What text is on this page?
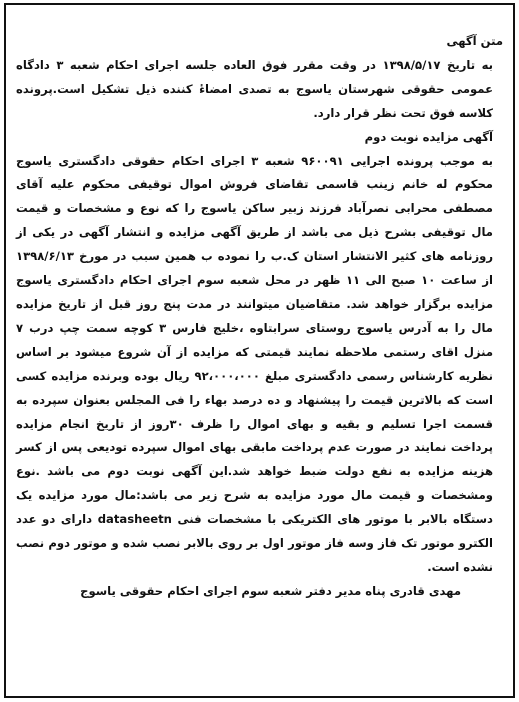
متن آگهی

به تاریخ ۱۳۹۸/۵/۱۷ در وقت مقرر فوق العاده جلسه اجرای احکام شعبه ۳ دادگاه عمومی حقوقی شهرستان یاسوج به تصدی امضاءٔ کننده ذیل تشکیل است.پرونده کلاسه فوق تحت نظر قرار دارد.

آگهی مزایده نوبت دوم

به موجب پرونده اجرایی ۹۶۰۰۹۱ شعبه ۳ اجرای احکام حقوقی دادگستری یاسوج محکوم له خانم زینب قاسمی تقاضای فروش اموال توقیفی محکوم علیه آقای مصطفی محرابی نصرآباد فرزند زبیر ساکن یاسوج را که نوع و مشخصات و قیمت مال توقیفی بشرح ذیل می باشد از طریق آگهی مزایده و انتشار آگهی در یکی از روزنامه های کثیر الانتشار استان ک.ب را نموده ب همین سبب در مورخ ۱۳۹۸/۶/۱۳ از ساعت ۱۰ صبح الی ۱۱ ظهر در محل شعبه سوم اجرای احکام دادگستری یاسوج مزایده برگزار خواهد شد. متقاضیان میتوانند در مدت پنج روز قبل از تاریخ مزایده مال را به آدرس یاسوج روستای سرابتاوه ،خلیج فارس ۳ کوچه سمت چپ درب ۷ منزل اقای رستمی ملاحظه نمایند قیمتی که مزایده از آن شروع میشود بر اساس نظریه کارشناس رسمی دادگستری مبلغ ۹۲،۰۰۰،۰۰۰ ریال بوده وبرنده مزایده کسی است که بالاترین قیمت را پیشنهاد و ده درصد بهاء را فی المجلس بعنوان سپرده به قسمت اجرا تسلیم و بقیه و بهای اموال را ظرف ۳۰روز از تاریخ انجام مزایده پرداخت نمایند در صورت عدم پرداخت مابقی بهای اموال سپرده تودیعی پس از کسر هزینه مزایده به نفع دولت ضبط خواهد شد.این آگهی نوبت دوم می باشد .نوع ومشخصات و قیمت مال مورد مزایده به شرح زیر می باشد:مال مورد مزایده یک دستگاه بالابر با موتور های الکتریکی با مشخصات فنی datasheetn دارای دو عدد الکترو موتور تک فاز وسه فاز موتور اول بر روی بالابر نصب شده و موتور دوم نصب نشده است.

مهدی قادری پناه مدیر دفتر شعبه سوم اجرای احکام حقوقی یاسوج
